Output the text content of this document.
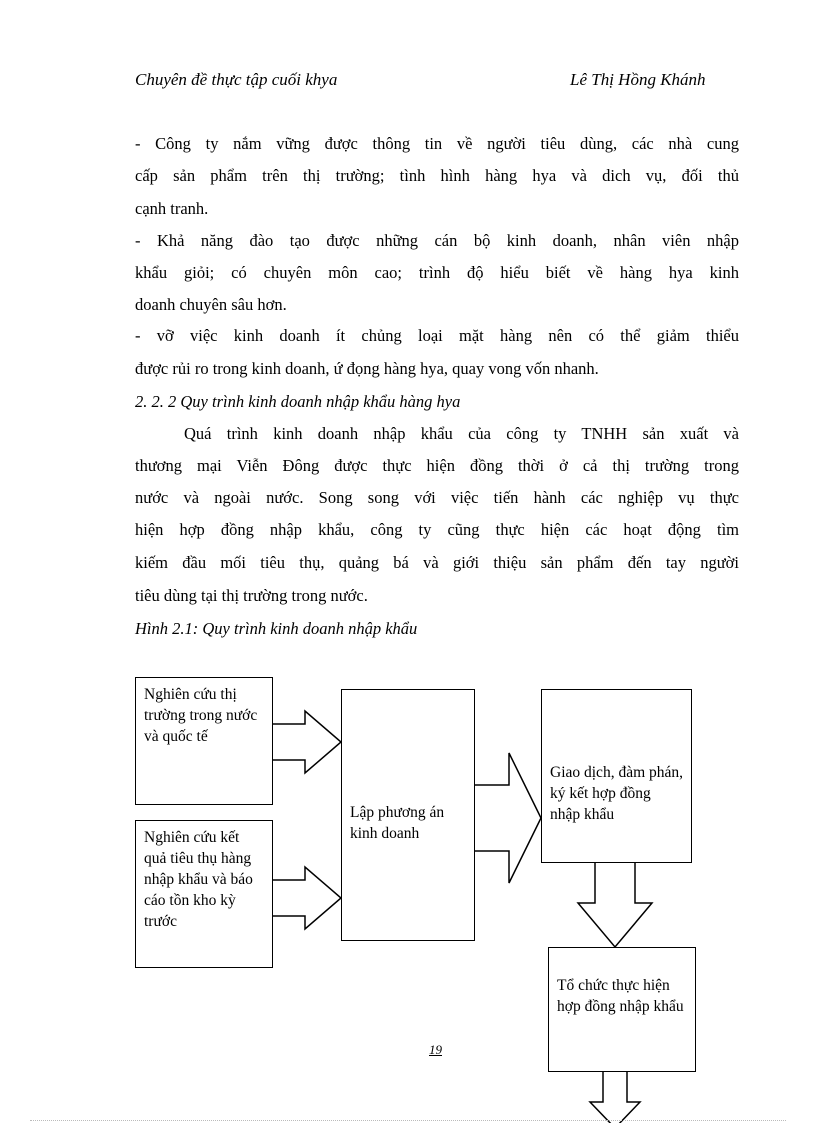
Chuyên đề thực tập cuối khya	Lê Thị Hồng Khánh
- Công ty nắm vững được thông tin về người tiêu dùng, các nhà cung
cấp sản phẩm trên thị trường; tình hình hàng hya và dich vụ, đối thủ
cạnh tranh.
- Khả năng đào tạo được những cán bộ kinh doanh, nhân viên nhập
khẩu giỏi; có chuyên môn cao; trình độ hiểu biết về hàng hya kinh
doanh chuyên sâu hơn.
- vỡ việc kinh doanh ít chủng loại mặt hàng nên có thể giảm thiểu
được rủi ro trong kinh doanh, ứ đọng hàng hya, quay vong vốn nhanh.
2. 2. 2 Quy trình kinh doanh nhập khẩu hàng hya
Quá trình kinh doanh nhập khẩu của công ty TNHH sản xuất và
thương mại Viễn Đông được thực hiện đồng thời ở cả thị trường trong
nước và ngoài nước. Song song với việc tiến hành các nghiệp vụ thực
hiện hợp đồng nhập khẩu, công ty cũng thực hiện các hoạt động tìm
kiếm đầu mối tiêu thụ, quảng bá và giới thiệu sản phẩm đến tay người
tiêu dùng tại thị trường trong nước.
Hình 2.1: Quy trình kinh doanh nhập khẩu
Nghiên cứu thị trường trong nước và quốc tế
Nghiên cứu kết quả tiêu thụ hàng nhập khẩu và báo cáo tồn kho kỳ trước
Lập phương án kinh doanh
Giao dịch, đàm phán, ký kết hợp đồng nhập khẩu
Tổ chức thực hiện hợp đồng nhập khẩu
19
